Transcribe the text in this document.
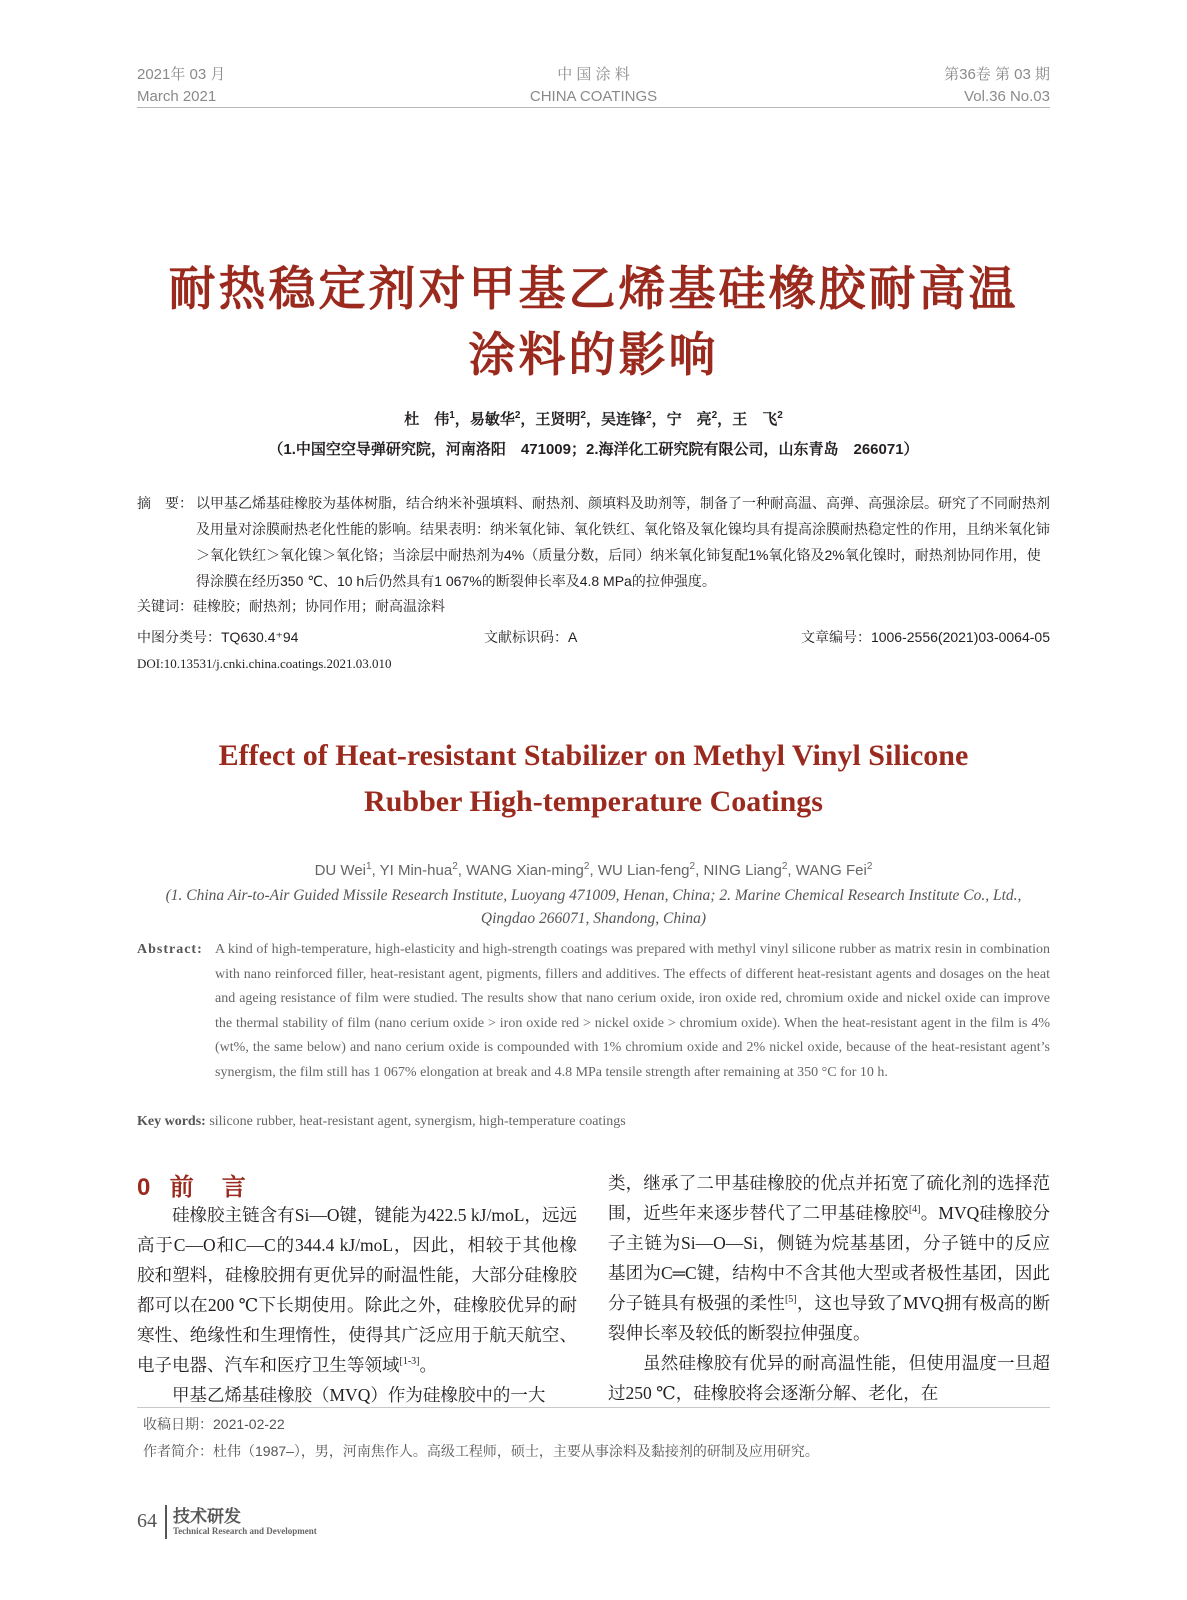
2021年 03 月
March 2021
中 国 涂 料
CHINA COATINGS
第36卷 第 03 期
Vol.36 No.03
耐热稳定剂对甲基乙烯基硅橡胶耐高温
涂料的影响
杜　伟$^1$，易敏华$^2$，王贤明$^2$，吴连锋$^2$，宁　亮$^2$，王　飞$^2$
（1.中国空空导弹研究院，河南洛阳　471009；2.海洋化工研究院有限公司，山东青岛　266071）
摘　要： 以甲基乙烯基硅橡胶为基体树脂，结合纳米补强填料、耐热剂、颜填料及助剂等，制备了一种耐高温、高弹、高强涂层。研究了不同耐热剂及用量对涂膜耐热老化性能的影响。结果表明：纳米氧化铈、氧化铁红、氧化铬及氧化镍均具有提高涂膜耐热稳定性的作用，且纳米氧化铈＞氧化铁红＞氧化镍＞氧化铬；当涂层中耐热剂为4%（质量分数，后同）纳米氧化铈复配1%氧化铬及2%氧化镍时，耐热剂协同作用，使得涂膜在经历350 ℃、10 h后仍然具有1 067%的断裂伸长率及4.8 MPa的拉伸强度。
关键词：硅橡胶；耐热剂；协同作用；耐高温涂料
中图分类号：TQ630.4⁺94	文献标识码：A	文章编号：1006-2556(2021)03-0064-05
DOI:10.13531/j.cnki.china.coatings.2021.03.010
Effect of Heat-resistant Stabilizer on Methyl Vinyl Silicone
Rubber High-temperature Coatings
DU Wei$^1$, YI Min-hua$^2$, WANG Xian-ming$^2$, WU Lian-feng$^2$, NING Liang$^2$, WANG Fei$^2$
(1. China Air-to-Air Guided Missile Research Institute, Luoyang 471009, Henan, China; 2. Marine Chemical Research Institute Co., Ltd., Qingdao 266071, Shandong, China)
Abstract: A kind of high-temperature, high-elasticity and high-strength coatings was prepared with methyl vinyl silicone rubber as matrix resin in combination with nano reinforced filler, heat-resistant agent, pigments, fillers and additives. The effects of different heat-resistant agents and dosages on the heat and ageing resistance of film were studied. The results show that nano cerium oxide, iron oxide red, chromium oxide and nickel oxide can improve the thermal stability of film (nano cerium oxide > iron oxide red > nickel oxide > chromium oxide). When the heat-resistant agent in the film is 4% (wt%, the same below) and nano cerium oxide is compounded with 1% chromium oxide and 2% nickel oxide, because of the heat-resistant agent’s synergism, the film still has 1 067% elongation at break and 4.8 MPa tensile strength after remaining at 350 °C for 10 h.
Key words: silicone rubber, heat-resistant agent, synergism, high-temperature coatings
0 前　言

硅橡胶主链含有Si—O键，键能为422.5 kJ/moL，远远高于C—O和C—C的344.4 kJ/moL，因此，相较于其他橡胶和塑料，硅橡胶拥有更优异的耐温性能，大部分硅橡胶都可以在200 ℃下长期使用。除此之外，硅橡胶优异的耐寒性、绝缘性和生理惰性，使得其广泛应用于航天航空、电子电器、汽车和医疗卫生等领域[1-3]。

甲基乙烯基硅橡胶（MVQ）作为硅橡胶中的一大

类，继承了二甲基硅橡胶的优点并拓宽了硫化剂的选择范围，近些年来逐步替代了二甲基硅橡胶[4]。MVQ硅橡胶分子主链为Si—O—Si，侧链为烷基基团，分子链中的反应基团为C═C键，结构中不含其他大型或者极性基团，因此分子链具有极强的柔性[5]，这也导致了MVQ拥有极高的断裂伸长率及较低的断裂拉伸强度。

虽然硅橡胶有优异的耐高温性能，但使用温度一旦超过250 ℃，硅橡胶将会逐渐分解、老化，在

收稿日期：2021-02-22
作者简介：杜伟（1987–），男，河南焦作人。高级工程师，硕士，主要从事涂料及黏接剂的研制及应用研究。
64 技术研发
Technical Research and Development
